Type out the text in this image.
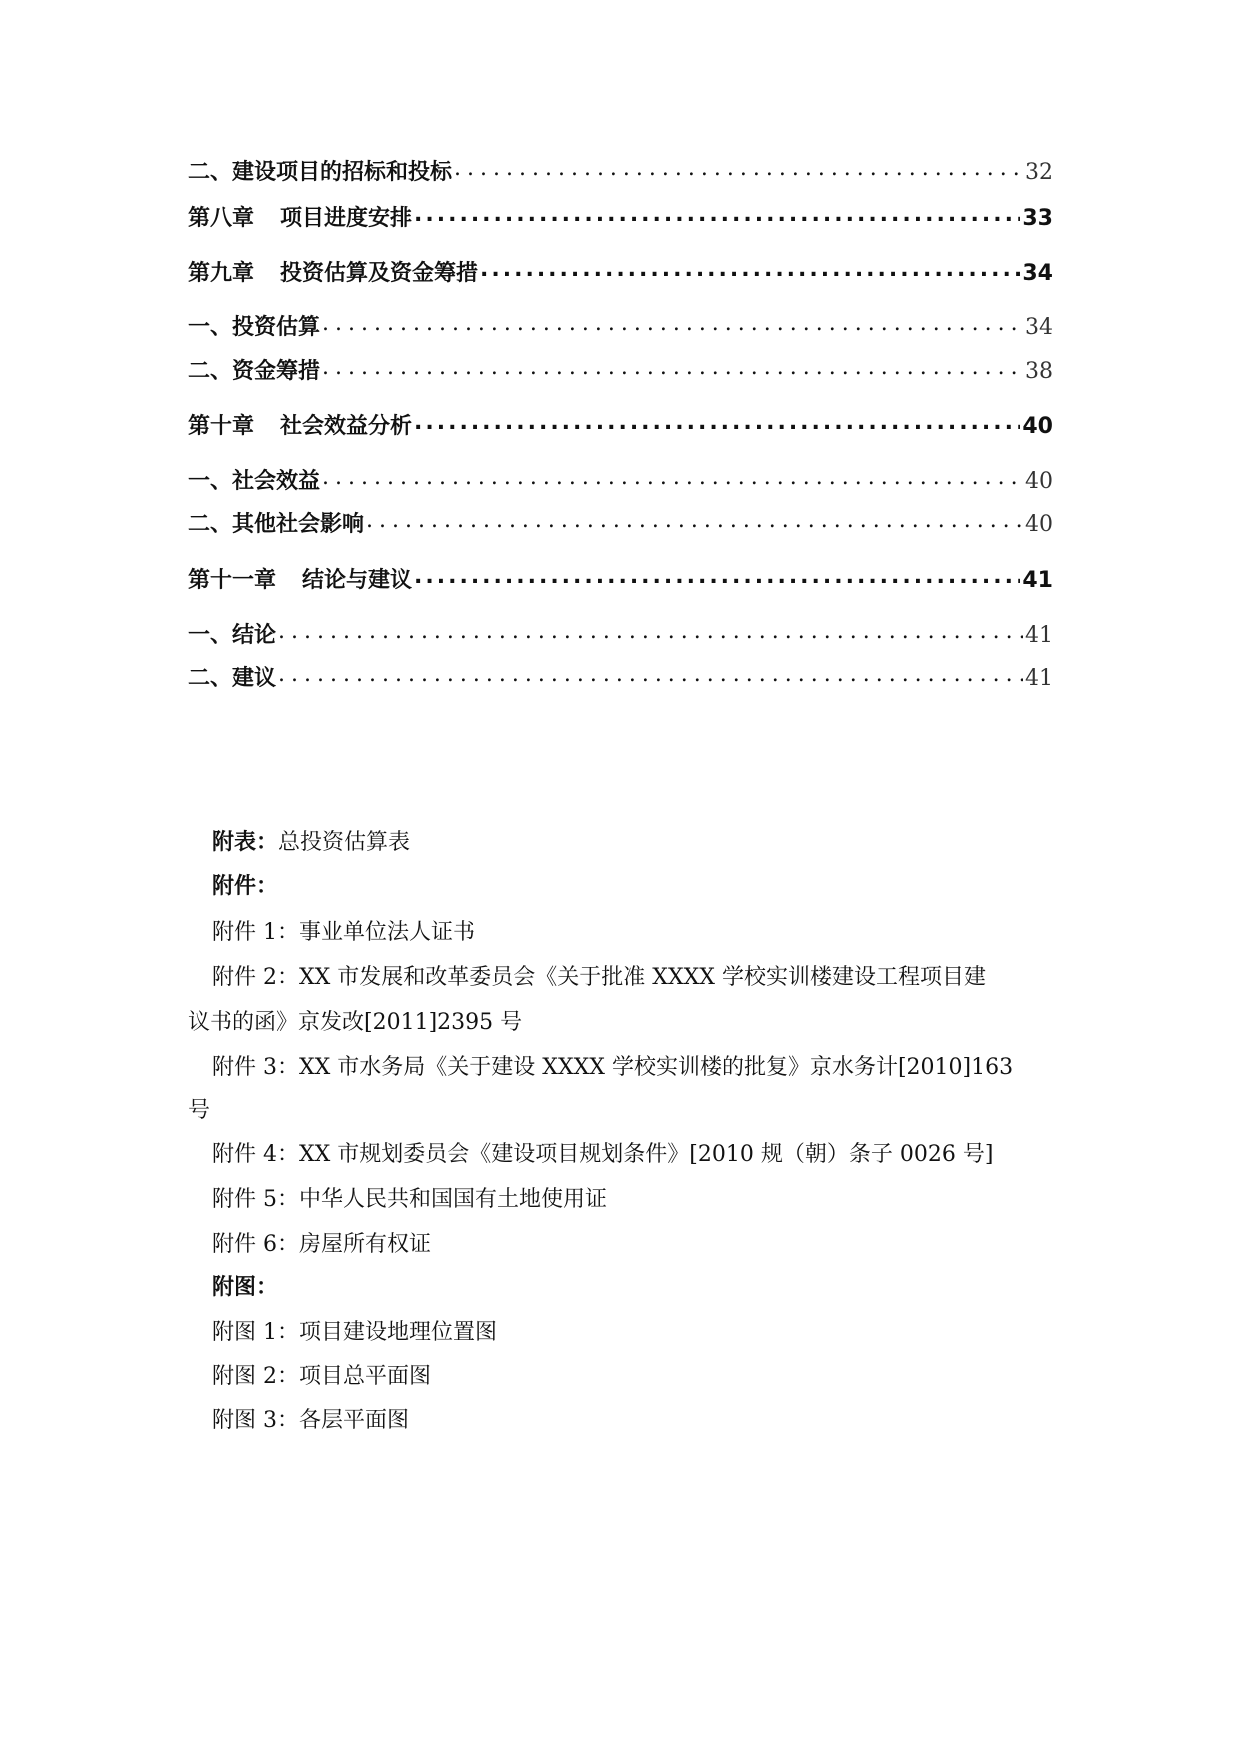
二、建设项目的招标和投标 .....	32
第八章 项目进度安排 .....	33
第九章 投资估算及资金筹措 .....	34
一、投资估算 .....	34
二、资金筹措 .....	38
第十章 社会效益分析 .....	40
一、社会效益 .....	40
二、其他社会影响 .....	40
第十一章 结论与建议 .....	41
一、结论 .....	41
二、建议 .....	41
附表：总投资估算表
附件：
附件 1：事业单位法人证书
附件 2：XX 市发展和改革委员会《关于批准 XXXX 学校实训楼建设工程项目建
议书的函》京发改[2011]2395 号
附件 3：XX 市水务局《关于建设 XXXX 学校实训楼的批复》京水务计[2010]163
号
附件 4：XX 市规划委员会《建设项目规划条件》[2010 规（朝）条子 0026 号]
附件 5：中华人民共和国国有土地使用证
附件 6：房屋所有权证
附图：
附图 1：项目建设地理位置图
附图 2：项目总平面图
附图 3：各层平面图
